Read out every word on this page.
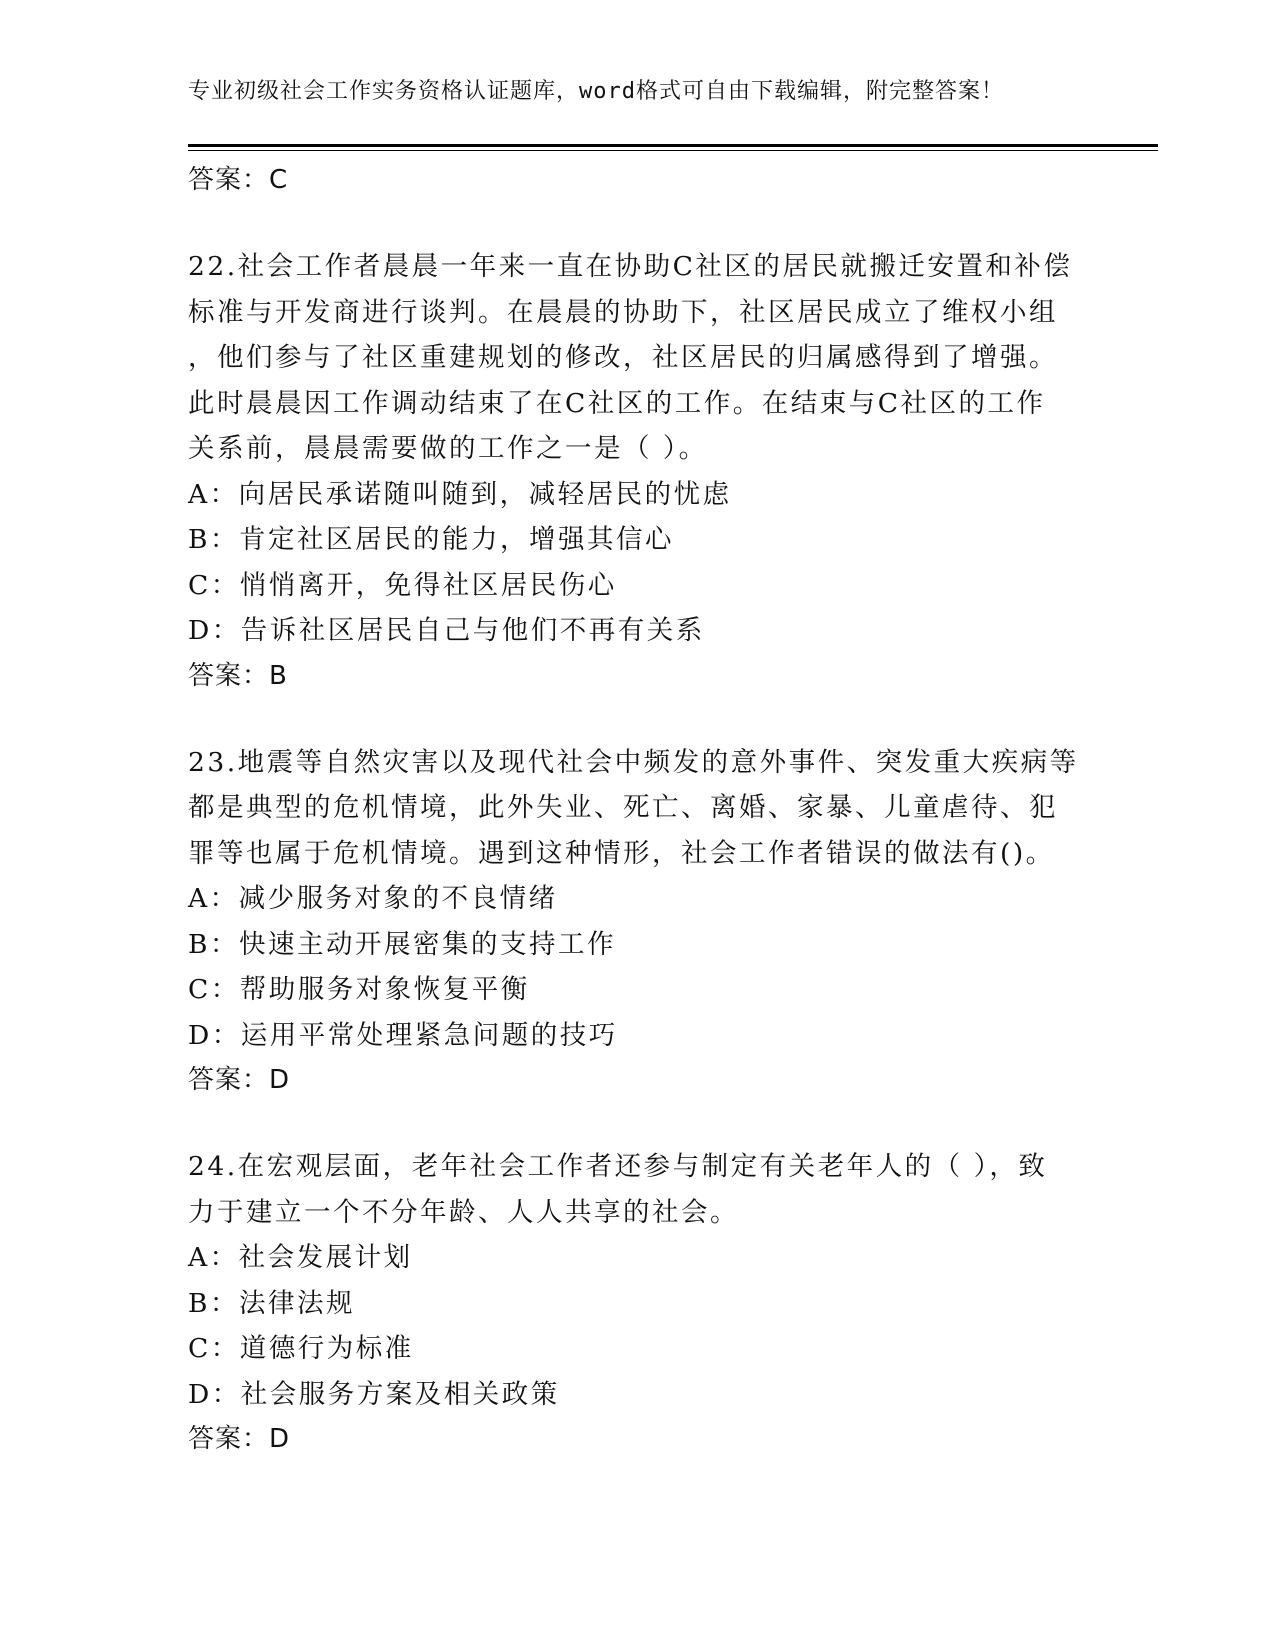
专业初级社会工作实务资格认证题库，word格式可自由下载编辑，附完整答案！
答案：C
22.社会工作者晨晨一年来一直在协助C社区的居民就搬迁安置和补偿
标准与开发商进行谈判。在晨晨的协助下，社区居民成立了维权小组
，他们参与了社区重建规划的修改，社区居民的归属感得到了增强。
此时晨晨因工作调动结束了在C社区的工作。在结束与C社区的工作
关系前，晨晨需要做的工作之一是（ ）。
A：向居民承诺随叫随到，减轻居民的忧虑
B：肯定社区居民的能力，增强其信心
C：悄悄离开，免得社区居民伤心
D：告诉社区居民自己与他们不再有关系
答案：B
23.地震等自然灾害以及现代社会中频发的意外事件、突发重大疾病等
都是典型的危机情境，此外失业、死亡、离婚、家暴、儿童虐待、犯
罪等也属于危机情境。遇到这种情形，社会工作者错误的做法有()。
A：减少服务对象的不良情绪
B：快速主动开展密集的支持工作
C：帮助服务对象恢复平衡
D：运用平常处理紧急问题的技巧
答案：D
24.在宏观层面，老年社会工作者还参与制定有关老年人的（ ），致
力于建立一个不分年龄、人人共享的社会。
A：社会发展计划
B：法律法规
C：道德行为标准
D：社会服务方案及相关政策
答案：D
